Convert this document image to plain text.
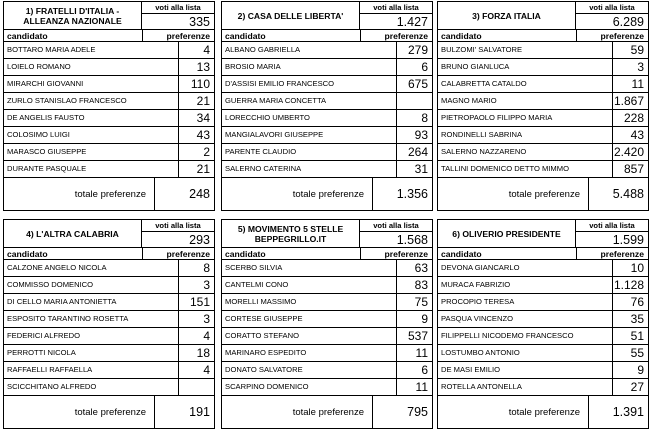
1) FRATELLI D'ITALIA - ALLEANZA NAZIONALE
voti alla lista
335
candidato	preferenze
BOTTARO MARIA ADELE	4
LOIELO ROMANO	13
MIRARCHI GIOVANNI	110
ZURLO STANISLAO FRANCESCO	21
DE ANGELIS FAUSTO	34
COLOSIMO LUIGI	43
MARASCO GIUSEPPE	2
DURANTE PASQUALE	21
totale preferenze	248
2) CASA DELLE LIBERTA'
voti alla lista
1.427
candidato	preferenze
ALBANO GABRIELLA	279
BROSIO MARIA	6
D'ASSISI EMILIO FRANCESCO	675
GUERRA MARIA CONCETTA
LORECCHIO UMBERTO	8
MANGIALAVORI GIUSEPPE	93
PARENTE CLAUDIO	264
SALERNO CATERINA	31
totale preferenze	1.356
3) FORZA ITALIA
voti alla lista
6.289
candidato	preferenze
BULZOMI' SALVATORE	59
BRUNO GIANLUCA	3
CALABRETTA CATALDO	11
MAGNO MARIO	1.867
PIETROPAOLO FILIPPO MARIA	228
RONDINELLI SABRINA	43
SALERNO NAZZARENO	2.420
TALLINI DOMENICO DETTO MIMMO	857
totale preferenze	5.488
4) L'ALTRA CALABRIA
voti alla lista
293
candidato	preferenze
CALZONE ANGELO NICOLA	8
COMMISSO DOMENICO	3
DI CELLO MARIA ANTONIETTA	151
ESPOSITO TARANTINO ROSETTA	3
FEDERICI ALFREDO	4
PERROTTI NICOLA	18
RAFFAELLI RAFFAELLA	4
SCICCHITANO ALFREDO
totale preferenze	191
5) MOVIMENTO 5 STELLE BEPPEGRILLO.IT
voti alla lista
1.568
candidato	preferenze
SCERBO SILVIA	63
CANTELMI CONO	83
MORELLI MASSIMO	75
CORTESE GIUSEPPE	9
CORATTO STEFANO	537
MARINARO ESPEDITO	11
DONATO SALVATORE	6
SCARPINO DOMENICO	11
totale preferenze	795
6) OLIVERIO PRESIDENTE
voti alla lista
1.599
candidato	preferenze
DEVONA GIANCARLO	10
MURACA FABRIZIO	1.128
PROCOPIO TERESA	76
PASQUA VINCENZO	35
FILIPPELLI NICODEMO FRANCESCO	51
LOSTUMBO ANTONIO	55
DE MASI EMILIO	9
ROTELLA ANTONELLA	27
totale preferenze	1.391
